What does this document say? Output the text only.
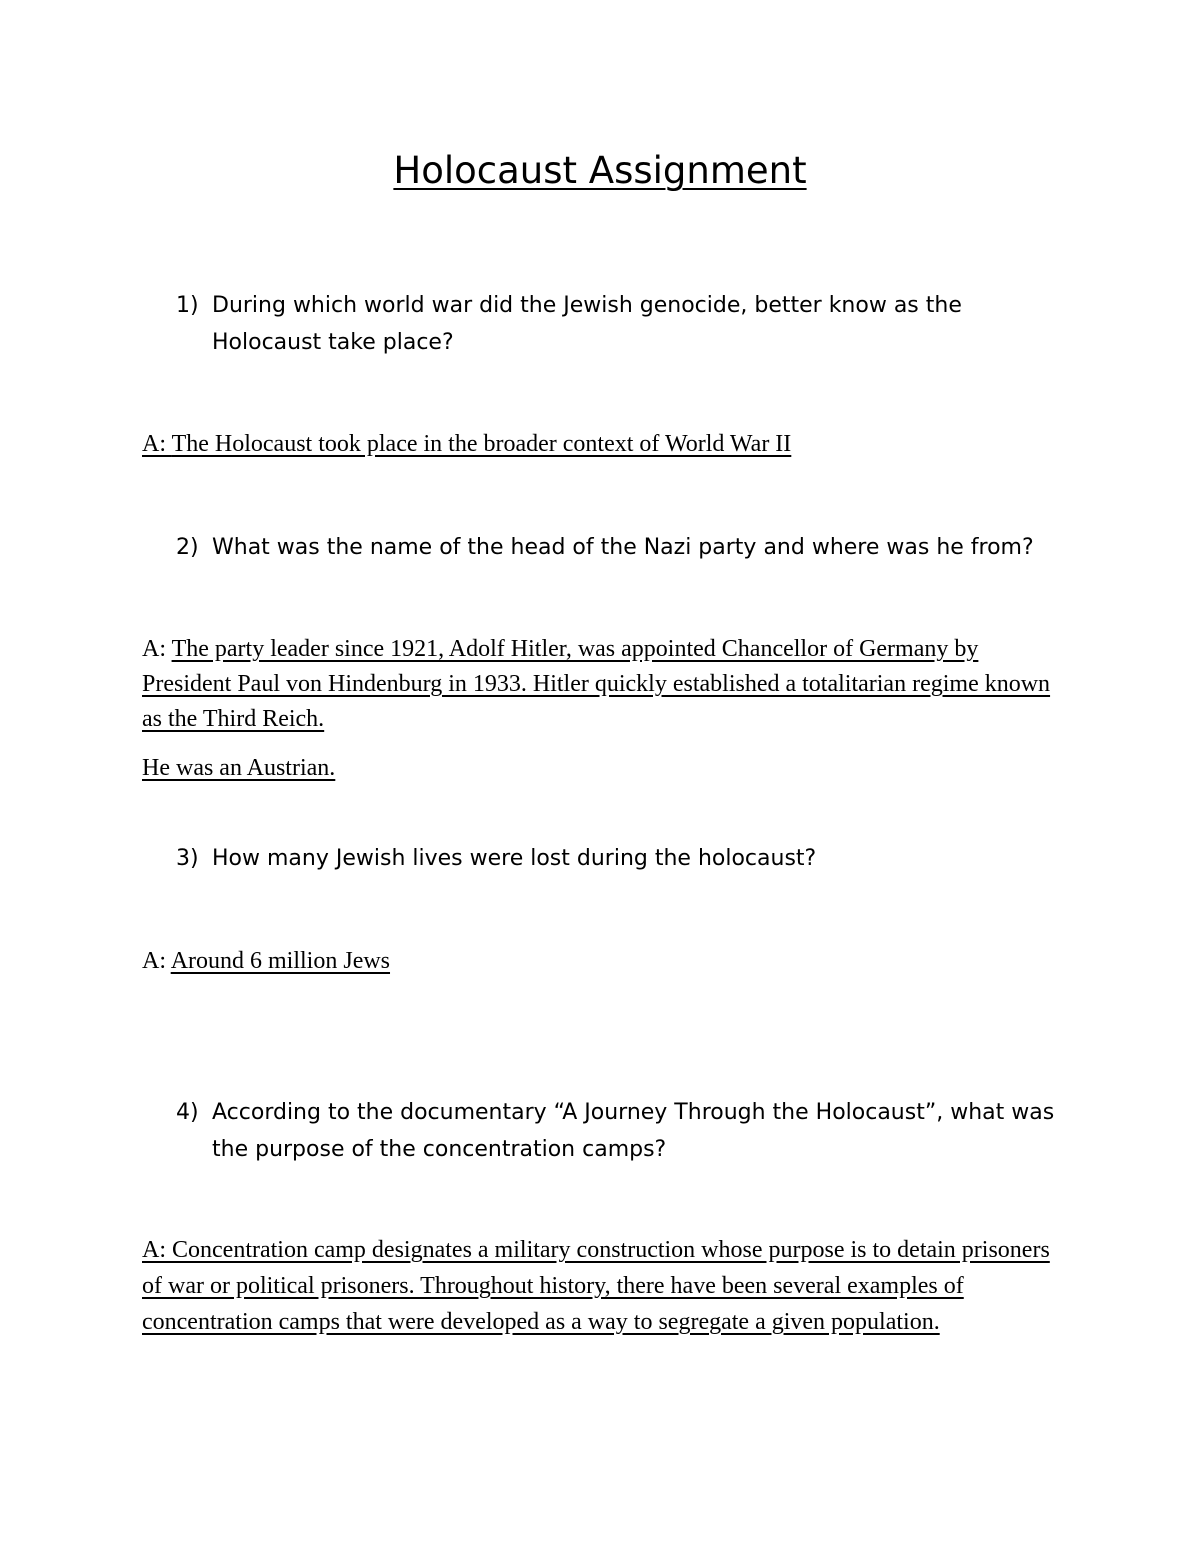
Holocaust Assignment
1) During which world war did the Jewish genocide, better know as the Holocaust take place?
A: The Holocaust took place in the broader context of World War II
2) What was the name of the head of the Nazi party and where was he from?
A: The party leader since 1921, Adolf Hitler, was appointed Chancellor of Germany by President Paul von Hindenburg in 1933. Hitler quickly established a totalitarian regime known as the Third Reich.
He was an Austrian.
3) How many Jewish lives were lost during the holocaust?
A: Around 6 million Jews
4) According to the documentary “A Journey Through the Holocaust”, what was the purpose of the concentration camps?
A: Concentration camp designates a military construction whose purpose is to detain prisoners of war or political prisoners. Throughout history, there have been several examples of concentration camps that were developed as a way to segregate a given population.
